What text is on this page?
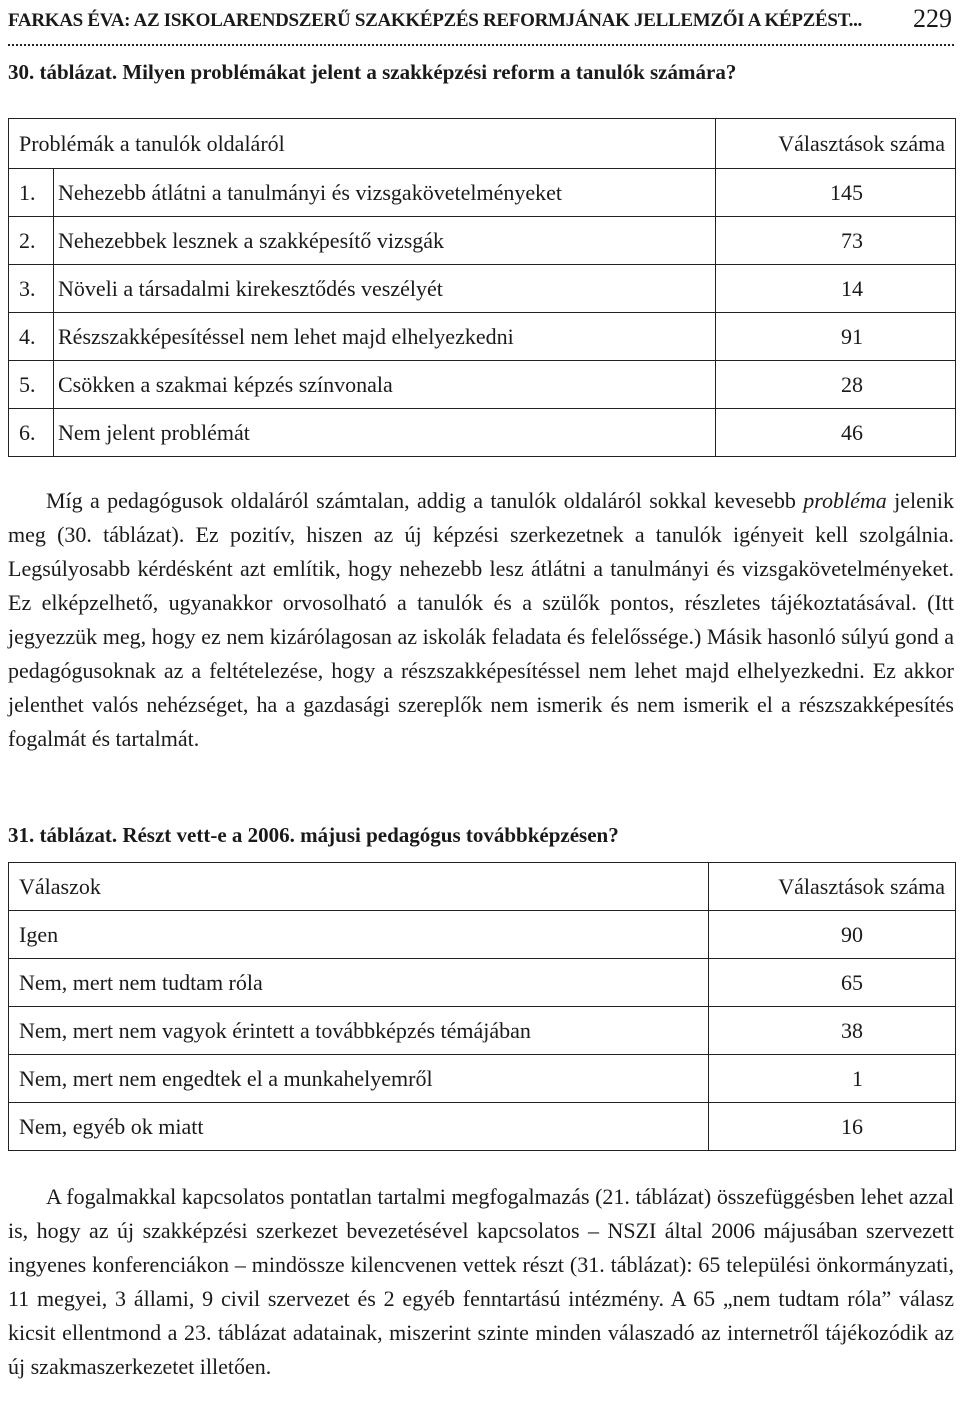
FARKAS ÉVA: AZ ISKOLARENDSZERŰ SZAKKÉPZÉS REFORMJÁNAK JELLEMZŐI A KÉPZÉST... 229
30. táblázat. Milyen problémákat jelent a szakképzési reform a tanulók számára?
Problémák a tanulók oldaláról		Választások száma
1.	Nehezebb átlátni a tanulmányi és vizsgakövetelményeket	145
2.	Nehezebbek lesznek a szakképesítő vizsgák	73
3.	Növeli a társadalmi kirekesztődés veszélyét	14
4.	Részszakképesítéssel nem lehet majd elhelyezkedni	91
5.	Csökken a szakmai képzés színvonala	28
6.	Nem jelent problémát	46

Míg a pedagógusok oldaláról számtalan, addig a tanulók oldaláról sokkal kevesebb probléma jelenik meg (30. táblázat). Ez pozitív, hiszen az új képzési szerkezetnek a tanulók igényeit kell szolgálnia. Legsúlyosabb kérdésként azt említik, hogy nehezebb lesz átlátni a tanulmányi és vizsgakövetelményeket. Ez elképzelhető, ugyanakkor orvosolható a tanulók és a szülők pontos, részletes tájékoztatásával. (Itt jegyezzük meg, hogy ez nem kizárólagosan az iskolák feladata és felelőssége.) Másik hasonló súlyú gond a pedagógusoknak az a feltételezése, hogy a részszakképesítéssel nem lehet majd elhelyezkedni. Ez akkor jelenthet valós nehézséget, ha a gazdasági szereplők nem ismerik és nem ismerik el a részszakképesítés fogalmát és tartalmát.

31. táblázat. Részt vett-e a 2006. májusi pedagógus továbbképzésen?
Válaszok	Választások száma
Igen	90
Nem, mert nem tudtam róla	65
Nem, mert nem vagyok érintett a továbbképzés témájában	38
Nem, mert nem engedtek el a munkahelyemről	1
Nem, egyéb ok miatt	16

A fogalmakkal kapcsolatos pontatlan tartalmi megfogalmazás (21. táblázat) összefüggésben lehet azzal is, hogy az új szakképzési szerkezet bevezetésével kapcsolatos – NSZI által 2006 májusában szervezett ingyenes konferenciákon – mindössze kilencvenen vettek részt (31. táblázat): 65 települési önkormányzati, 11 megyei, 3 állami, 9 civil szervezet és 2 egyéb fenntartású intézmény. A 65 „nem tudtam róla” válasz kicsit ellentmond a 23. táblázat adatainak, miszerint szinte minden válaszadó az internetről tájékozódik az új szakmaszerkezetet illetően.
